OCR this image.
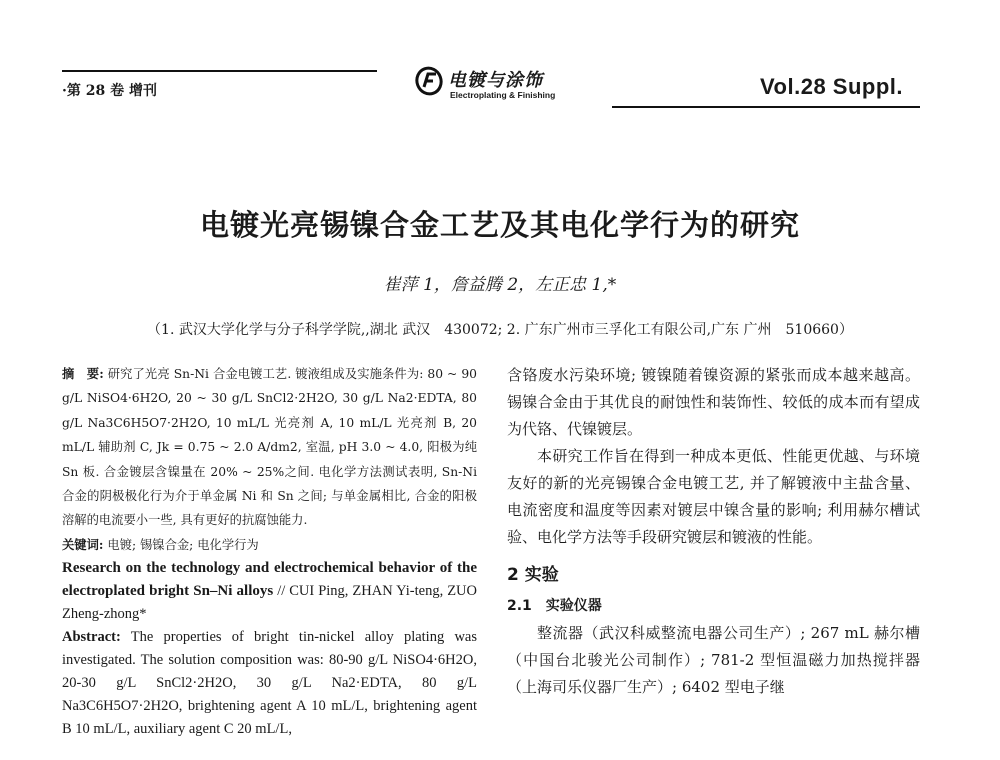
·第 28 卷 增刊	电镀与涂饰
Electroplating & Finishing	Vol.28 Suppl.
电镀光亮锡镍合金工艺及其电化学行为的研究
崔萍 1，詹益腾 2，左正忠 1,*
（1. 武汉大学化学与分子科学学院,,湖北 武汉　430072; 2. 广东广州市三孚化工有限公司,广东 广州　510660）

摘　要: 研究了光亮 Sn-Ni 合金电镀工艺. 镀液组成及实施条件为: 80 ~ 90 g/L NiSO4·6H2O, 20 ~ 30 g/L SnCl2·2H2O, 30 g/L Na2·EDTA, 80 g/L Na3C6H5O7·2H2O, 10 mL/L 光亮剂 A, 10 mL/L 光亮剂 B, 20 mL/L 辅助剂 C, Jk = 0.75 ~ 2.0 A/dm2, 室温, pH 3.0 ~ 4.0, 阳极为纯 Sn 板. 合金镀层含镍量在 20% ~ 25%之间. 电化学方法测试表明, Sn-Ni 合金的阴极极化行为介于单金属 Ni 和 Sn 之间; 与单金属相比, 合金的阳极溶解的电流要小一些, 具有更好的抗腐蚀能力.

关键词: 电镀; 锡镍合金; 电化学行为

Research on the technology and electrochemical behavior of the electroplated bright Sn–Ni alloys // CUI Ping, ZHAN Yi-teng, ZUO Zheng-zhong*

Abstract: The properties of bright tin-nickel alloy plating was investigated. The solution composition was: 80-90 g/L NiSO4·6H2O, 20-30 g/L SnCl2·2H2O, 30 g/L Na2·EDTA, 80 g/L Na3C6H5O7·2H2O, brightening agent A 10 mL/L, brightening agent B 10 mL/L, auxiliary agent C 20 mL/L,

含铬废水污染环境; 镀镍随着镍资源的紧张而成本越来越高。锡镍合金由于其优良的耐蚀性和装饰性、较低的成本而有望成为代铬、代镍镀层。

本研究工作旨在得到一种成本更低、性能更优越、与环境友好的新的光亮锡镍合金电镀工艺, 并了解镀液中主盐含量、电流密度和温度等因素对镀层中镍含量的影响; 利用赫尔槽试验、电化学方法等手段研究镀层和镀液的性能。

2 实验
2.1　实验仪器

整流器（武汉科威整流电器公司生产）; 267 mL 赫尔槽（中国台北骏光公司制作）; 781-2 型恒温磁力加热搅拌器（上海司乐仪器厂生产）; 6402 型电子继
